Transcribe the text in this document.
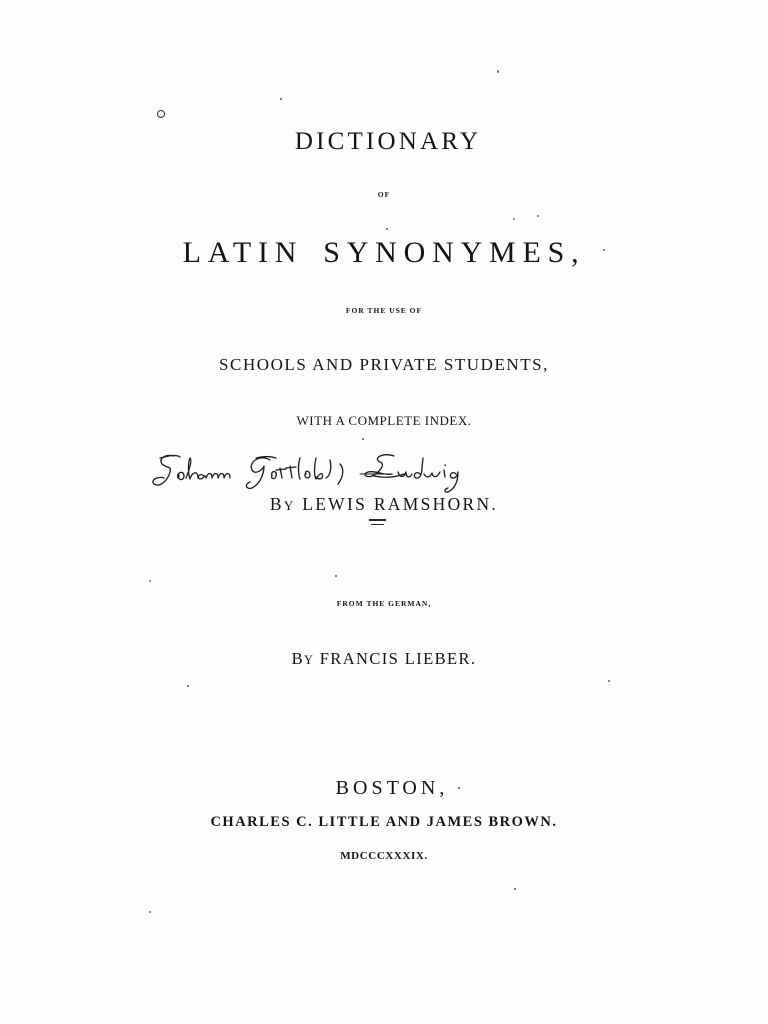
DICTIONARY
OF
LATIN SYNONYMES,
FOR THE USE OF
SCHOOLS AND PRIVATE STUDENTS,
WITH A COMPLETE INDEX.
BY LEWIS RAMSHORN.
FROM THE GERMAN,
BY FRANCIS LIEBER.
BOSTON,
CHARLES C. LITTLE AND JAMES BROWN.
MDCCCXXXIX.
